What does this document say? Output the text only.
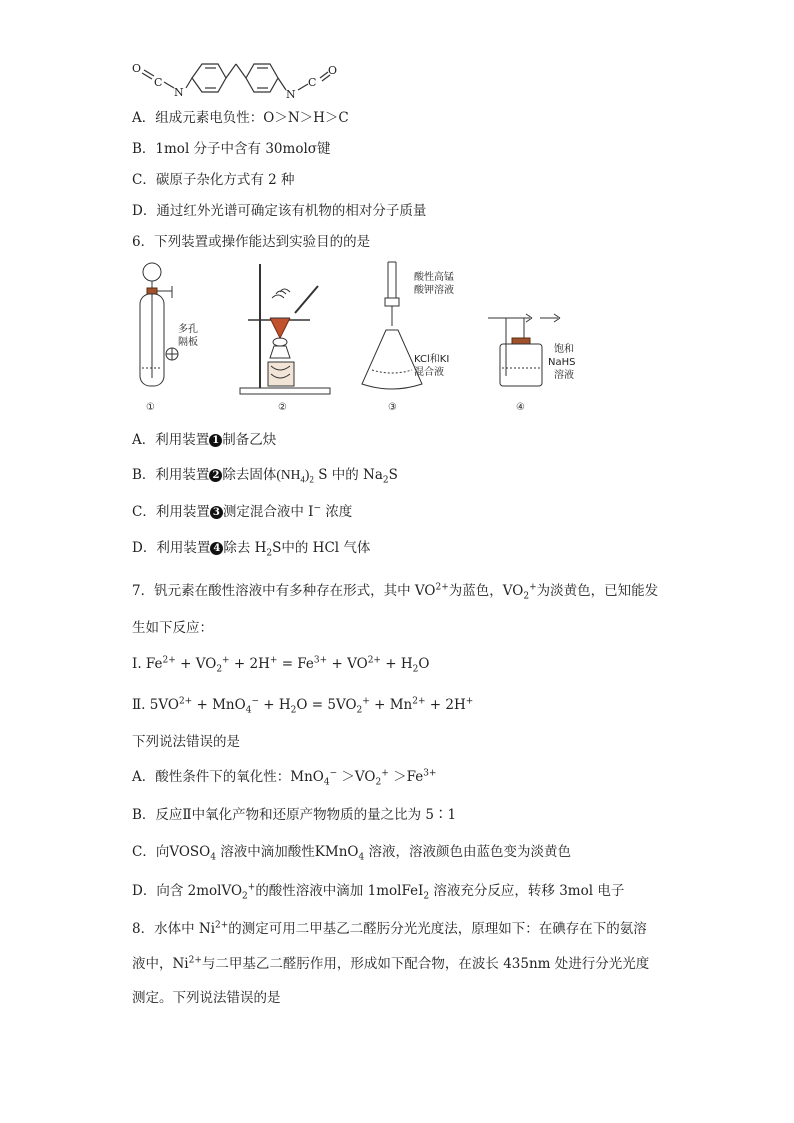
O
C
N	N
C
O
A．组成元素电负性：O＞N＞H＞C
B．1mol 分子中含有 30molσ键
C．碳原子杂化方式有 2 种
D．通过红外光谱可确定该有机物的相对分子质量
6．下列装置或操作能达到实验目的的是
多孔
隔板
酸性高锰
酸钾溶液
KCl和KI
混合液
饱和
NaHS
溶液
①	②	③	④
A．利用装置 1 制备乙炔
B．利用装置 2 除去固体$(NH_4)_2$ S 中的 $Na_2S$
C．利用装置 3 测定混合液中 I− 浓度
D．利用装置 4 除去 $H_2S$中的 HCl 气体
7．钒元素在酸性溶液中有多种存在形式，其中 $VO^{2+}$为蓝色，$VO_2^+$为淡黄色，已知能发
生如下反应：
Ⅰ. $Fe^{2+} + VO_2^+ + 2H^+ = Fe^{3+} + VO^{2+} + H_2O$
Ⅱ. $5VO^{2+} + MnO_4^- + H_2O = 5VO_2^+ + Mn^{2+} + 2H^+$
下列说法错误的是
A．酸性条件下的氧化性：$MnO_4^- >VO_2^+ >Fe^{3+}$
B．反应Ⅱ中氧化产物和还原产物物质的量之比为 5∶1
C．向$VOSO_4$ 溶液中滴加酸性KMnO$_4$ 溶液，溶液颜色由蓝色变为淡黄色
D．向含 2molVO$_2$+的酸性溶液中滴加 1molFeI$_2$ 溶液充分反应，转移 3mol 电子
8．水体中 $Ni^{2+}$的测定可用二甲基乙二醛肟分光光度法，原理如下：在碘存在下的氨溶
液中，$Ni^{2+}$与二甲基乙二醛肟作用，形成如下配合物，在波长 435nm 处进行分光光度
测定。下列说法错误的是
